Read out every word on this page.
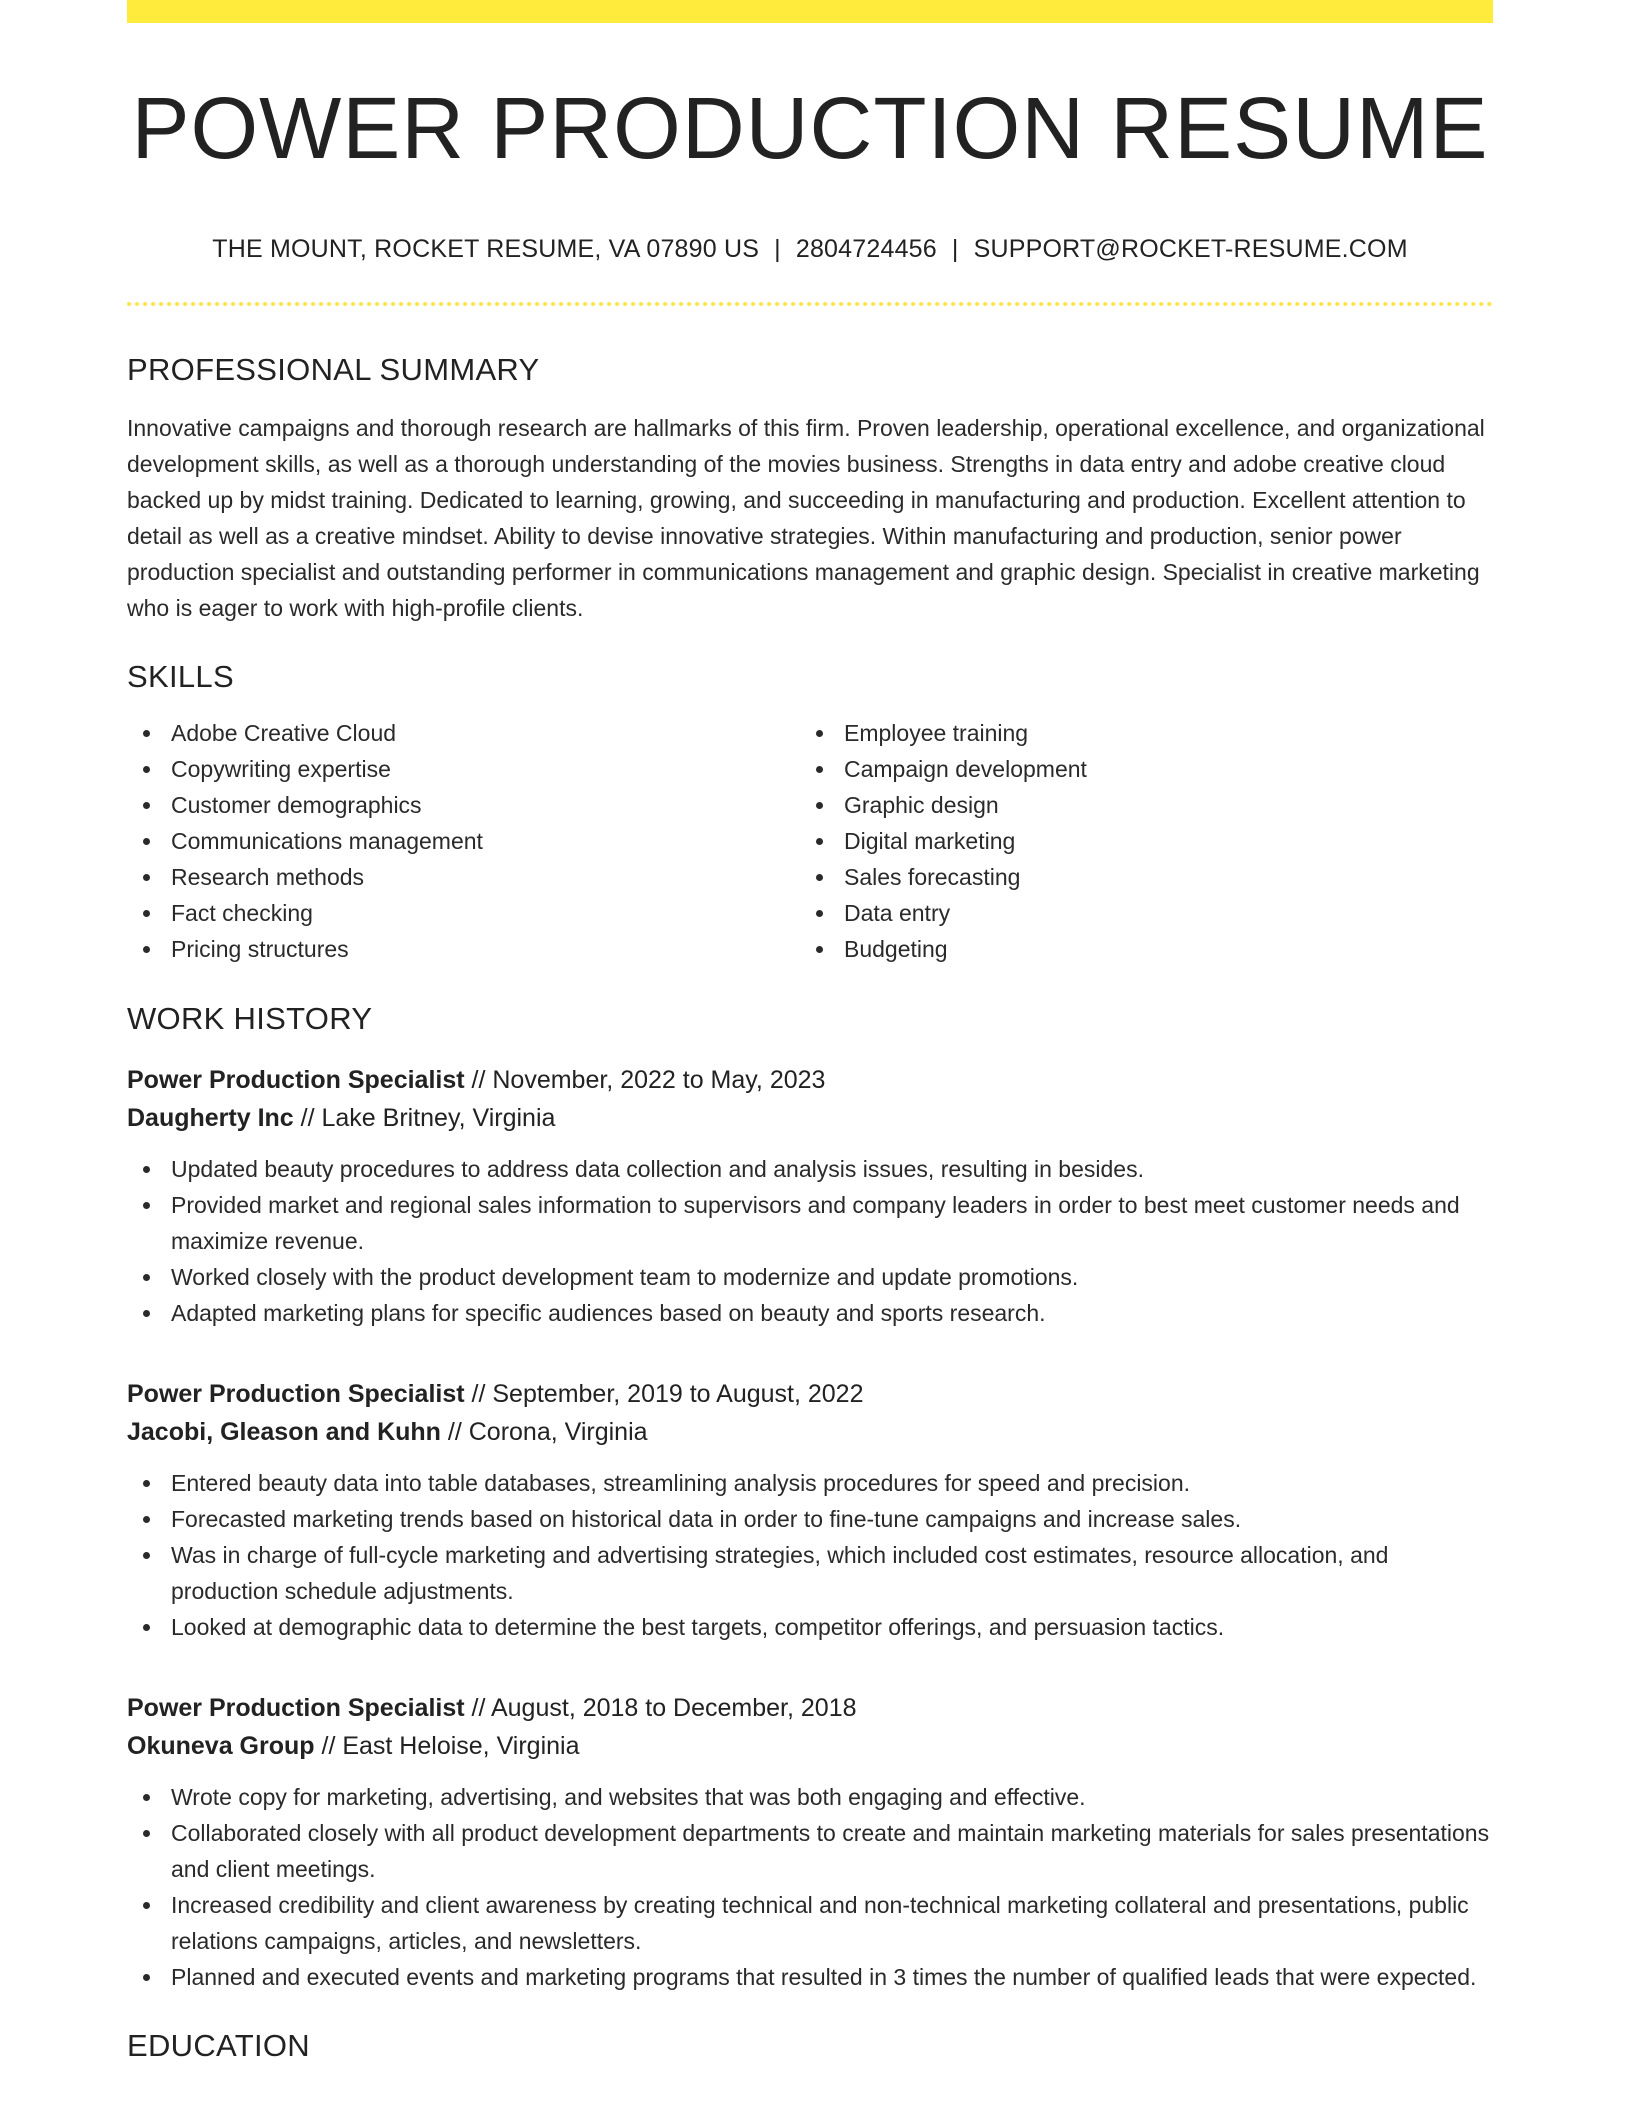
POWER PRODUCTION RESUME
THE MOUNT, ROCKET RESUME, VA 07890 US | 2804724456 | SUPPORT@ROCKET-RESUME.COM
PROFESSIONAL SUMMARY

Innovative campaigns and thorough research are hallmarks of this firm. Proven leadership, operational excellence, and organizational development skills, as well as a thorough understanding of the movies business. Strengths in data entry and adobe creative cloud backed up by midst training. Dedicated to learning, growing, and succeeding in manufacturing and production. Excellent attention to detail as well as a creative mindset. Ability to devise innovative strategies. Within manufacturing and production, senior power production specialist and outstanding performer in communications management and graphic design. Specialist in creative marketing who is eager to work with high-profile clients.

SKILLS
Adobe Creative Cloud
Copywriting expertise
Customer demographics
Communications management
Research methods
Fact checking
Pricing structures
Employee training
Campaign development
Graphic design
Digital marketing
Sales forecasting
Data entry
Budgeting
WORK HISTORY
Power Production Specialist // November, 2022 to May, 2023
Daugherty Inc // Lake Britney, Virginia
Updated beauty procedures to address data collection and analysis issues, resulting in besides.
Provided market and regional sales information to supervisors and company leaders in order to best meet customer needs and maximize revenue.
Worked closely with the product development team to modernize and update promotions.
Adapted marketing plans for specific audiences based on beauty and sports research.
Power Production Specialist // September, 2019 to August, 2022
Jacobi, Gleason and Kuhn // Corona, Virginia
Entered beauty data into table databases, streamlining analysis procedures for speed and precision.
Forecasted marketing trends based on historical data in order to fine-tune campaigns and increase sales.
Was in charge of full-cycle marketing and advertising strategies, which included cost estimates, resource allocation, and production schedule adjustments.
Looked at demographic data to determine the best targets, competitor offerings, and persuasion tactics.
Power Production Specialist // August, 2018 to December, 2018
Okuneva Group // East Heloise, Virginia
Wrote copy for marketing, advertising, and websites that was both engaging and effective.
Collaborated closely with all product development departments to create and maintain marketing materials for sales presentations and client meetings.
Increased credibility and client awareness by creating technical and non-technical marketing collateral and presentations, public relations campaigns, articles, and newsletters.
Planned and executed events and marketing programs that resulted in 3 times the number of qualified leads that were expected.
EDUCATION
